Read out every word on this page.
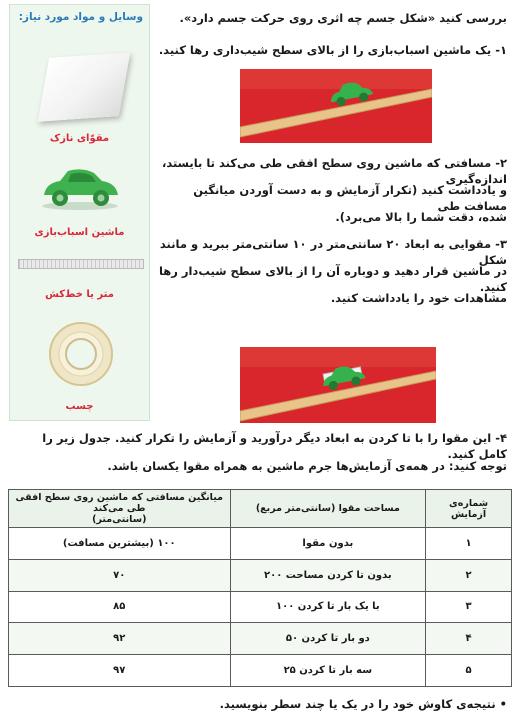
وسایل و مواد مورد نیاز:
مقوّای نازک
ماشین اسباب‌بازی
متر یا خط‌کش
چسب
بررسی کنید «شکل جسم چه اثری روی حرکت جسم دارد».
۱- یک ماشین اسباب‌بازی را از بالای سطح شیب‌داری رها کنید.
۲- مسافتی که ماشین روی سطح افقی طی می‌کند تا بایستد، اندازه‌گیری
و یادداشت کنید (تکرار آزمایش و به دست آوردن میانگین مسافت طی
شده، دقت شما را بالا می‌برد).
۳- مقوایی به ابعاد ۲۰ سانتی‌متر در ۱۰ سانتی‌متر ببرید و مانند شکل
در ماشین قرار دهید و دوباره آن را از بالای سطح شیب‌دار رها کنید.
مشاهدات خود را یادداشت کنید.
۴- این مقوا را با تا کردن به ابعاد دیگر درآورید و آزمایش را تکرار کنید. جدول زیر را کامل کنید.
توجه کنید: در همه‌ی آزمایش‌ها جرم ماشین به همراه مقوا یکسان باشد.
شماره‌ی آزمایش	مساحت مقوا (سانتی‌متر مربع)	میانگین مسافتی که ماشین روی سطح افقی طی می‌کند
(سانتی‌متر)

۱	بدون مقوا	۱۰۰ (بیشترین مسافت)
۲	بدون تا کردن مساحت ۲۰۰	۷۰
۳	با یک بار تا کردن ۱۰۰	۸۵
۴	دو بار تا کردن ۵۰	۹۲
۵	سه بار تا کردن ۲۵	۹۷
• نتیجه‌ی کاوش خود را در یک یا چند سطر بنویسید.
